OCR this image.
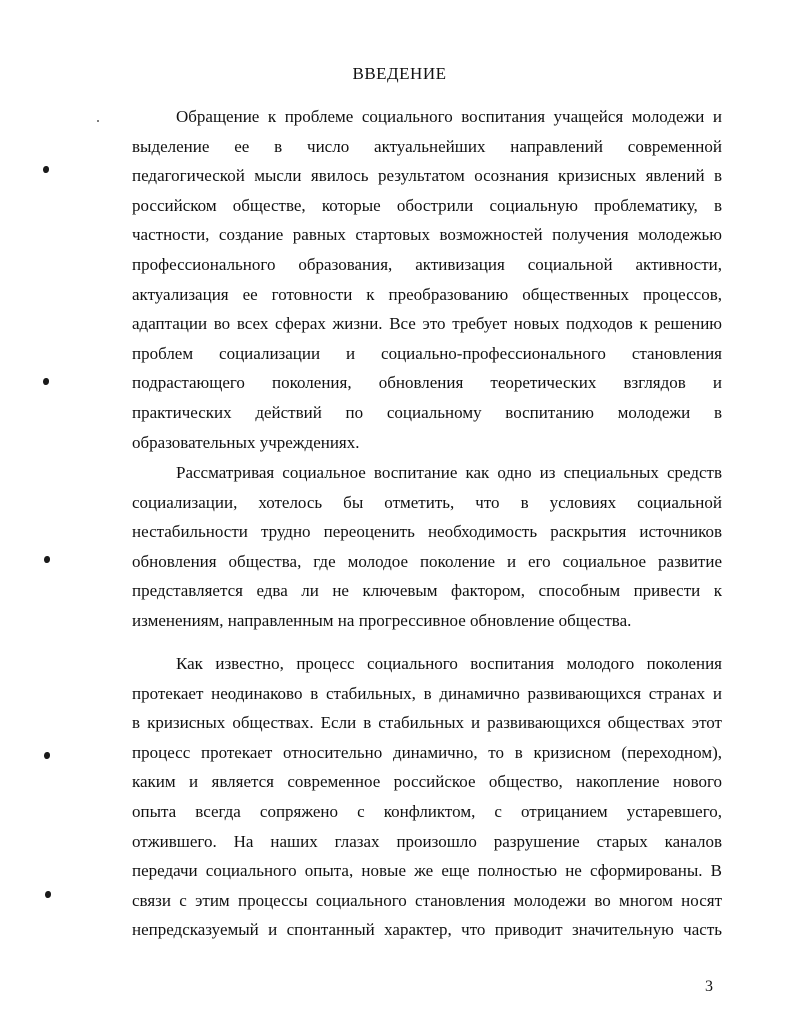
ВВЕДЕНИЕ
Обращение к проблеме социального воспитания учащейся молодежи и
выделение ее в число актуальнейших направлений современной
педагогической мысли явилось результатом осознания кризисных явлений в
российском обществе, которые обострили социальную проблематику, в
частности, создание равных стартовых возможностей получения молодежью
профессионального образования, активизация социальной активности,
актуализация ее готовности к преобразованию общественных процессов,
адаптации во всех сферах жизни. Все это требует новых подходов к решению
проблем социализации и социально-профессионального становления
подрастающего поколения, обновления теоретических взглядов и
практических действий по социальному воспитанию молодежи в
образовательных учреждениях.
Рассматривая социальное воспитание как одно из специальных средств
социализации, хотелось бы отметить, что в условиях социальной
нестабильности трудно переоценить необходимость раскрытия источников
обновления общества, где молодое поколение и его социальное развитие
представляется едва ли не ключевым фактором, способным привести к
изменениям, направленным на прогрессивное обновление общества.
Как известно, процесс социального воспитания молодого поколения
протекает неодинаково в стабильных, в динамично развивающихся странах и
в кризисных обществах. Если в стабильных и развивающихся обществах этот
процесс протекает относительно динамично, то в кризисном (переходном),
каким и является современное российское общество, накопление нового
опыта всегда сопряжено с конфликтом, с отрицанием устаревшего,
отжившего. На наших глазах произошло разрушение старых каналов
передачи социального опыта, новые же еще полностью не сформированы. В
связи с этим процессы социального становления молодежи во многом носят
непредсказуемый и спонтанный характер, что приводит значительную часть
3
